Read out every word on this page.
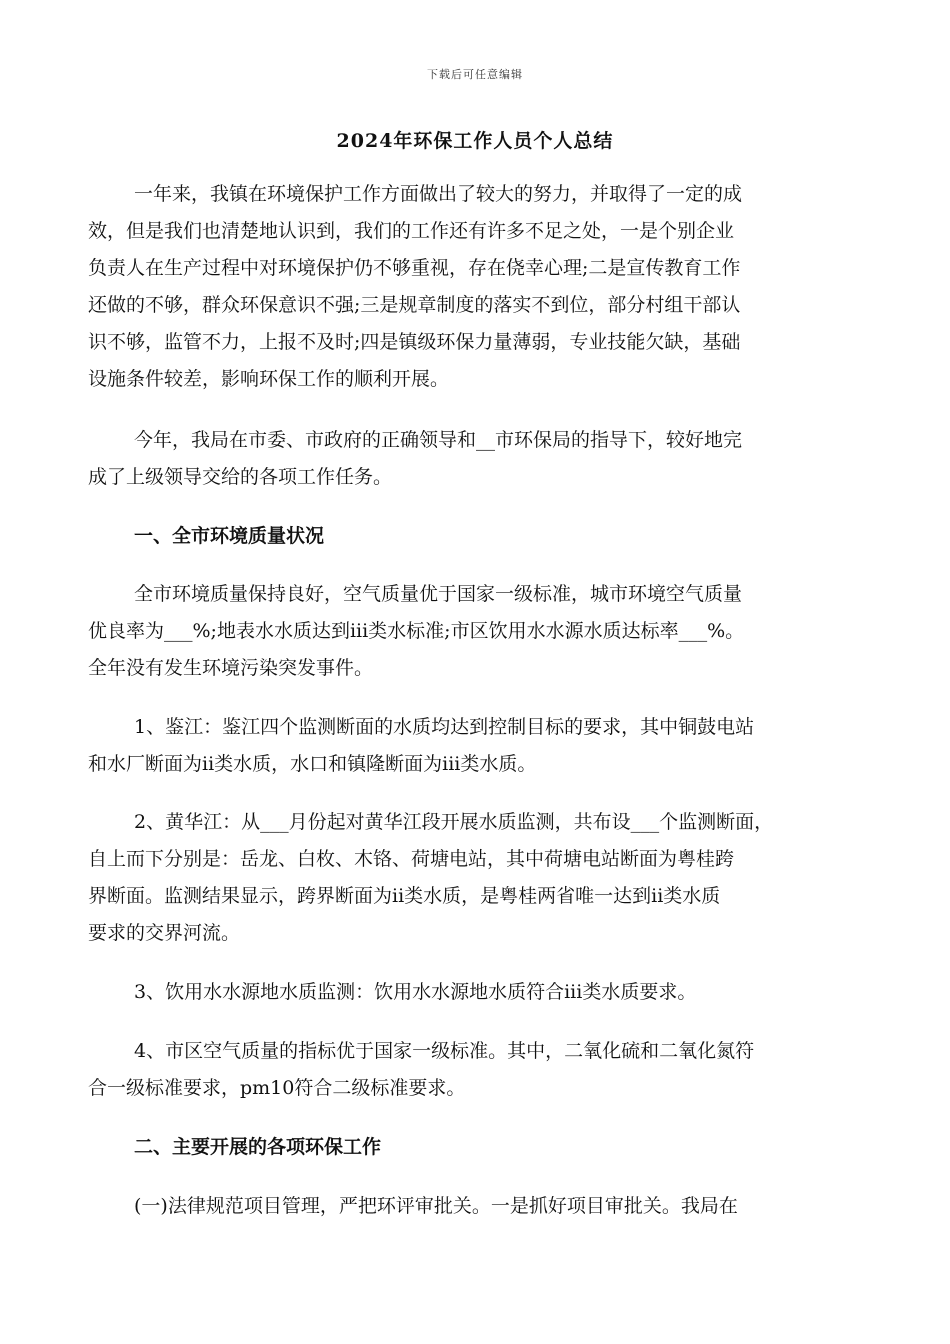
下载后可任意编辑
2024年环保工作人员个人总结
一年来，我镇在环境保护工作方面做出了较大的努力，并取得了一定的成
效，但是我们也清楚地认识到，我们的工作还有许多不足之处，一是个别企业
负责人在生产过程中对环境保护仍不够重视，存在侥幸心理;二是宣传教育工作
还做的不够，群众环保意识不强;三是规章制度的落实不到位，部分村组干部认
识不够，监管不力，上报不及时;四是镇级环保力量薄弱，专业技能欠缺，基础
设施条件较差，影响环保工作的顺利开展。
今年，我局在市委、市政府的正确领导和__市环保局的指导下，较好地完
成了上级领导交给的各项工作任务。
一、全市环境质量状况
全市环境质量保持良好，空气质量优于国家一级标准，城市环境空气质量
优良率为___%;地表水水质达到iii类水标准;市区饮用水水源水质达标率___%。
全年没有发生环境污染突发事件。
1、鉴江：鉴江四个监测断面的水质均达到控制目标的要求，其中铜鼓电站
和水厂断面为ii类水质，水口和镇隆断面为iii类水质。
2、黄华江：从___月份起对黄华江段开展水质监测，共布设___个监测断面，
自上而下分别是：岳龙、白枚、木铬、荷塘电站，其中荷塘电站断面为粤桂跨
界断面。监测结果显示，跨界断面为ii类水质，是粤桂两省唯一达到ii类水质
要求的交界河流。
3、饮用水水源地水质监测：饮用水水源地水质符合iii类水质要求。
4、市区空气质量的指标优于国家一级标准。其中，二氧化硫和二氧化氮符
合一级标准要求，pm10符合二级标准要求。
二、主要开展的各项环保工作
(一)法律规范项目管理，严把环评审批关。一是抓好项目审批关。我局在
